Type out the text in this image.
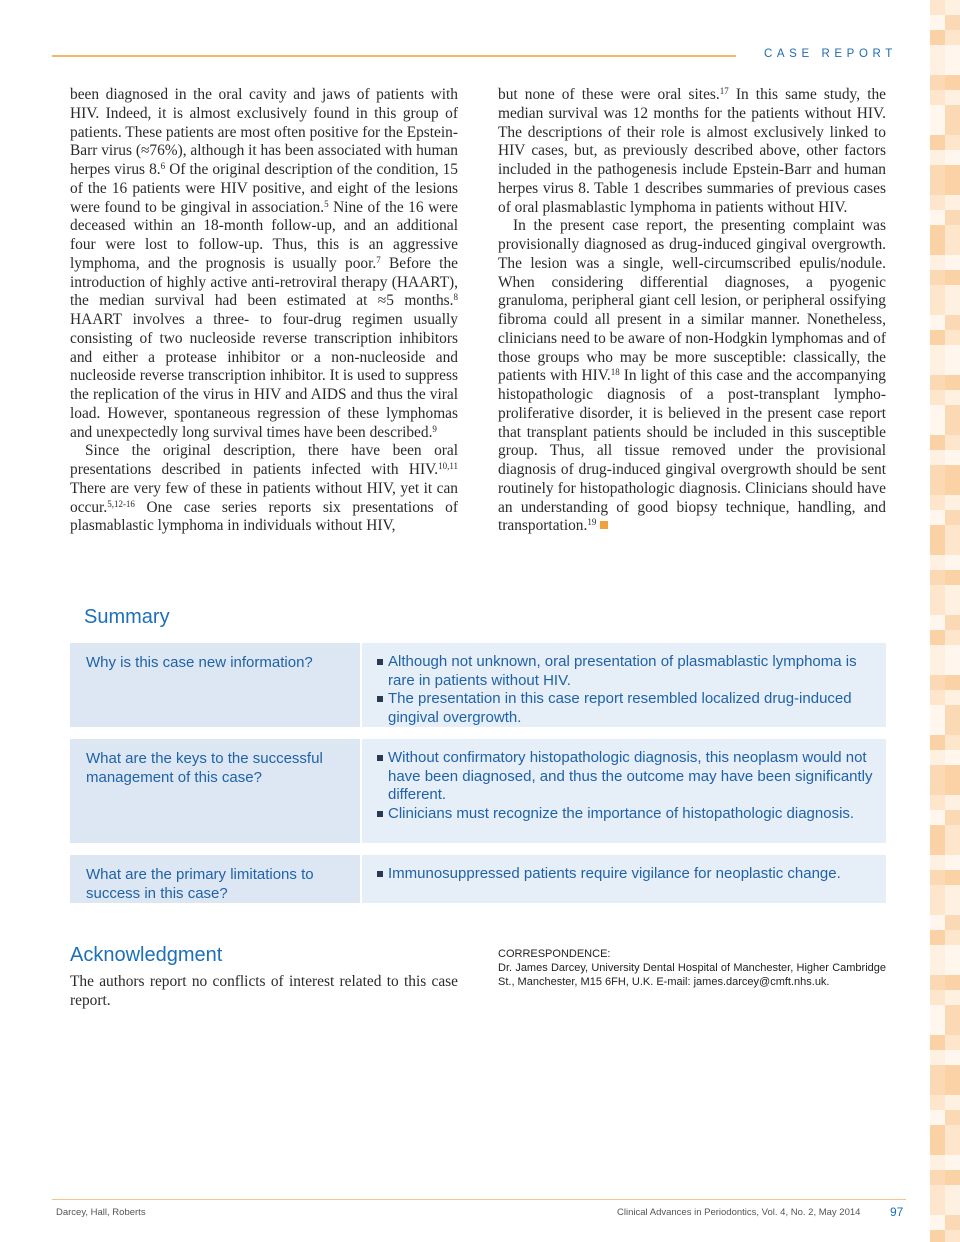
CASE REPORT

been diagnosed in the oral cavity and jaws of patients with HIV. Indeed, it is almost exclusively found in this group of patients. These patients are most often positive for the Epstein-Barr virus (≈76%), although it has been associated with human herpes virus 8.$^6$ Of the original description of the condition, 15 of the 16 patients were HIV positive, and eight of the lesions were found to be gingival in association.$^5$ Nine of the 16 were deceased within an 18-month follow-up, and an additional four were lost to follow-up. Thus, this is an aggressive lymphoma, and the prognosis is usually poor.$^7$ Before the introduction of highly active anti-retroviral therapy (HAART), the median survival had been estimated at ≈5 months.$^8$ HAART involves a three- to four-drug regimen usually consisting of two nucleoside reverse transcription inhibitors and either a protease inhibitor or a non-nucleoside and nucleoside reverse transcription inhibitor. It is used to suppress the replication of the virus in HIV and AIDS and thus the viral load. However, spontaneous regression of these lymphomas and unexpectedly long survival times have been described.$^9$

Since the original description, there have been oral presentations described in patients infected with HIV.$^{10,11}$ There are very few of these in patients without HIV, yet it can occur.$^{5,12-16}$ One case series reports six presentations of plasmablastic lymphoma in individuals without HIV,

but none of these were oral sites.$^{17}$ In this same study, the median survival was 12 months for the patients without HIV. The descriptions of their role is almost exclusively linked to HIV cases, but, as previously described above, other factors included in the pathogenesis include Epstein-Barr and human herpes virus 8. Table 1 describes summaries of previous cases of oral plasmablastic lymphoma in patients without HIV.

In the present case report, the presenting complaint was provisionally diagnosed as drug-induced gingival overgrowth. The lesion was a single, well-circumscribed epulis/nodule. When considering differential diagnoses, a pyogenic granuloma, peripheral giant cell lesion, or peripheral ossifying fibroma could all present in a similar manner. Nonetheless, clinicians need to be aware of non-Hodgkin lymphomas and of those groups who may be more susceptible: classically, the patients with HIV.$^{18}$ In light of this case and the accompanying histopathologic diagnosis of a post-transplant lympho-proliferative disorder, it is believed in the present case report that transplant patients should be included in this susceptible group. Thus, all tissue removed under the provisional diagnosis of drug-induced gingival overgrowth should be sent routinely for histopathologic diagnosis. Clinicians should have an understanding of good biopsy technique, handling, and transportation.$^{19}$

Summary
Why is this case new information?	Although not unknown, oral presentation of plasmablastic lymphoma is rare in patients without HIV.
The presentation in this case report resembled localized drug-induced gingival overgrowth.
What are the keys to the successful management of this case?
Without confirmatory histopathologic diagnosis, this neoplasm would not have been diagnosed, and thus the outcome may have been significantly different.
Clinicians must recognize the importance of histopathologic diagnosis.
What are the primary limitations to success in this case?
Immunosuppressed patients require vigilance for neoplastic change.
Acknowledgment
The authors report no conflicts of interest related to this case report.
CORRESPONDENCE:
Dr. James Darcey, University Dental Hospital of Manchester, Higher Cambridge St., Manchester, M15 6FH, U.K. E-mail: james.darcey@cmft.nhs.uk.
Darcey, Hall, Roberts	Clinical Advances in Periodontics, Vol. 4, No. 2, May 2014 97
